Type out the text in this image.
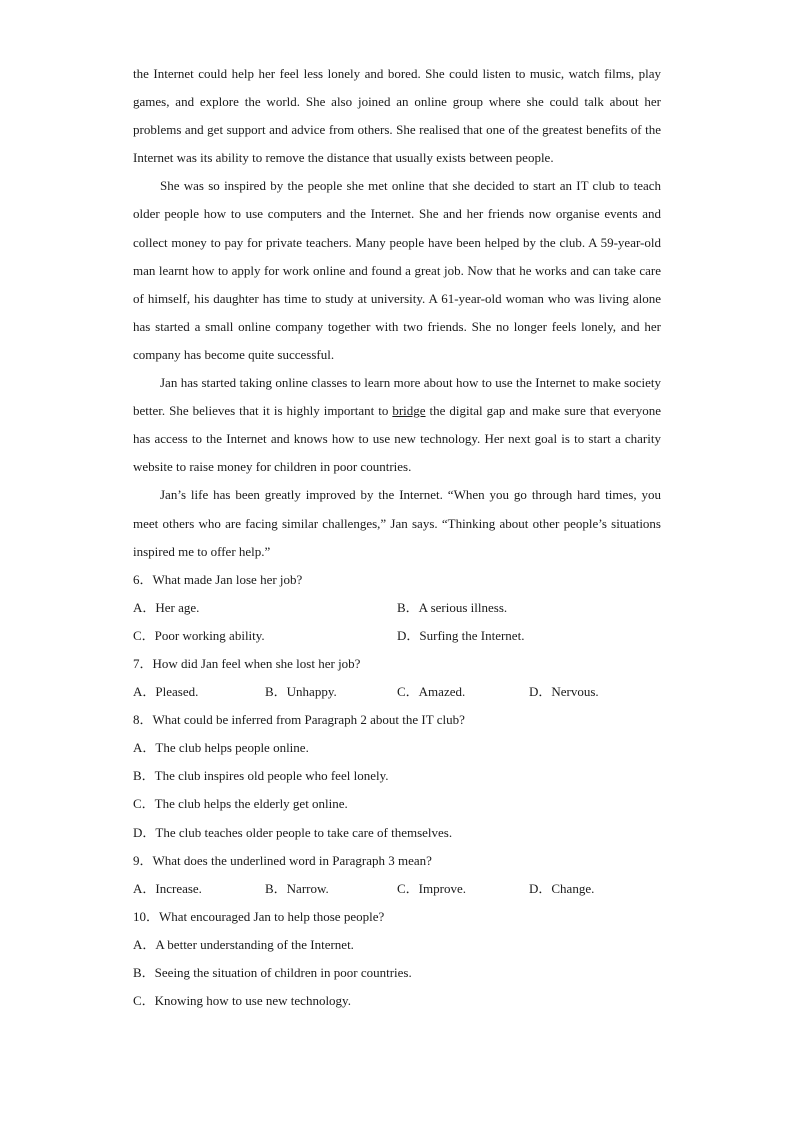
the Internet could help her feel less lonely and bored. She could listen to music, watch films, play games, and explore the world. She also joined an online group where she could talk about her problems and get support and advice from others. She realised that one of the greatest benefits of the Internet was its ability to remove the distance that usually exists between people.

She was so inspired by the people she met online that she decided to start an IT club to teach older people how to use computers and the Internet. She and her friends now organise events and collect money to pay for private teachers. Many people have been helped by the club. A 59-year-old man learnt how to apply for work online and found a great job. Now that he works and can take care of himself, his daughter has time to study at university. A 61-year-old woman who was living alone has started a small online company together with two friends. She no longer feels lonely, and her company has become quite successful.

Jan has started taking online classes to learn more about how to use the Internet to make society better. She believes that it is highly important to bridge the digital gap and make sure that everyone has access to the Internet and knows how to use new technology. Her next goal is to start a charity website to raise money for children in poor countries.

Jan’s life has been greatly improved by the Internet. “When you go through hard times, you meet others who are facing similar challenges,” Jan says. “Thinking about other people’s situations inspired me to offer help.”

6．What made Jan lose her job?

A．Her age.	B．A serious illness.
C．Poor working ability.	D．Surfing the Internet.

7．How did Jan feel when she lost her job?

A．Pleased.	B．Unhappy.	C．Amazed.	D．Nervous.

8．What could be inferred from Paragraph 2 about the IT club?

A．The club helps people online.

B．The club inspires old people who feel lonely.

C．The club helps the elderly get online.

D．The club teaches older people to take care of themselves.

9．What does the underlined word in Paragraph 3 mean?

A．Increase.	B．Narrow.	C．Improve.	D．Change.

10．What encouraged Jan to help those people?

A．A better understanding of the Internet.

B．Seeing the situation of children in poor countries.

C．Knowing how to use new technology.
